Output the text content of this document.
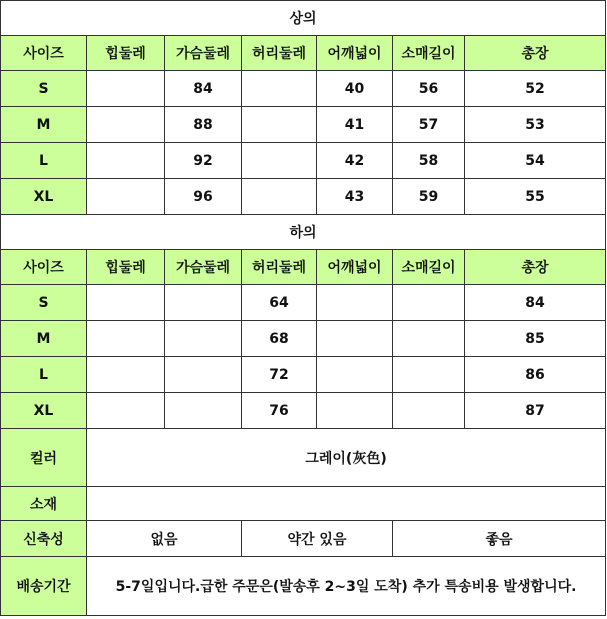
상의						
사이즈	힙둘레	가슴둘레	허리둘레	어깨넓이	소매길이	총장
S		84		40	56	52
M		88		41	57	53
L		92		42	58	54
XL		96		43	59	55
하의						
사이즈	힙둘레	가슴둘레	허리둘레	어깨넓이	소매길이	총장
S			64			84
M			68			85
L			72			86
XL			76			87
컬러	그레이(灰色)					
소재						
신축성	없음		약간 있음		좋음	
배송기간	5-7일입니다.급한 주문은(발송후 2~3일 도착) 추가 특송비용 발생합니다.					
